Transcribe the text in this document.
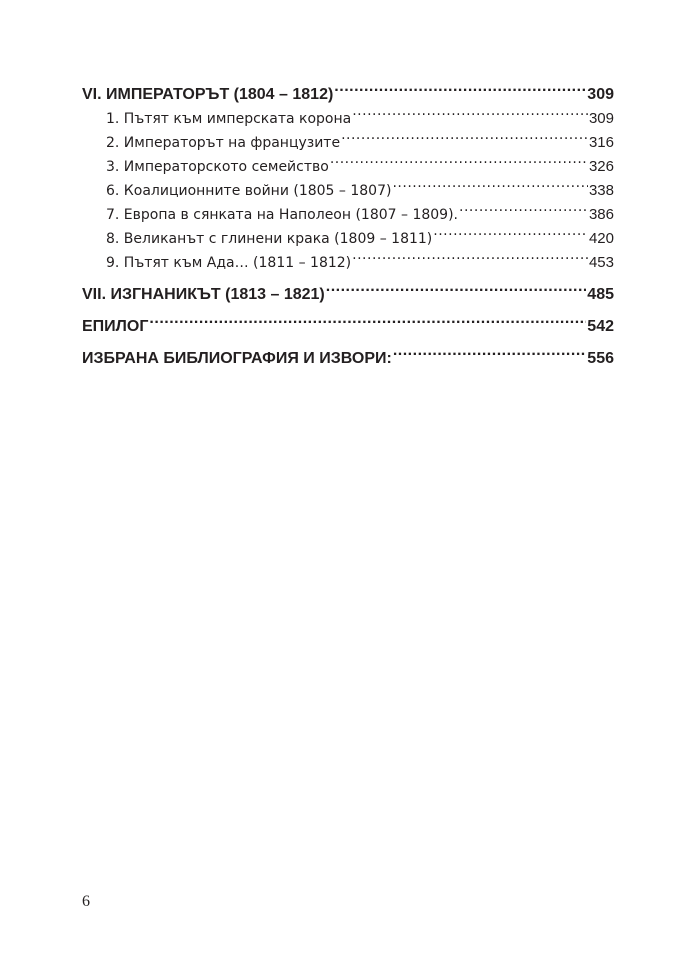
VI. ИМПЕРАТОРЪТ (1804 – 1812) .....	309
1. Пътят към имперската корона .....	309
2. Императорът на французите .....	316
3. Императорското семейство .....	326
6. Коалиционните войни (1805 – 1807) .....	338
7. Европа в сянката на Наполеон (1807 – 1809). .....	386
8. Великанът с глинени крака (1809 – 1811) .....	420
9. Пътят към Ада… (1811 – 1812) .....	453
VII. ИЗГНАНИКЪТ (1813 – 1821) .....	485
ЕПИЛОГ .....	542
ИЗБРАНА БИБЛИОГРАФИЯ И ИЗВОРИ: .....	556
6
